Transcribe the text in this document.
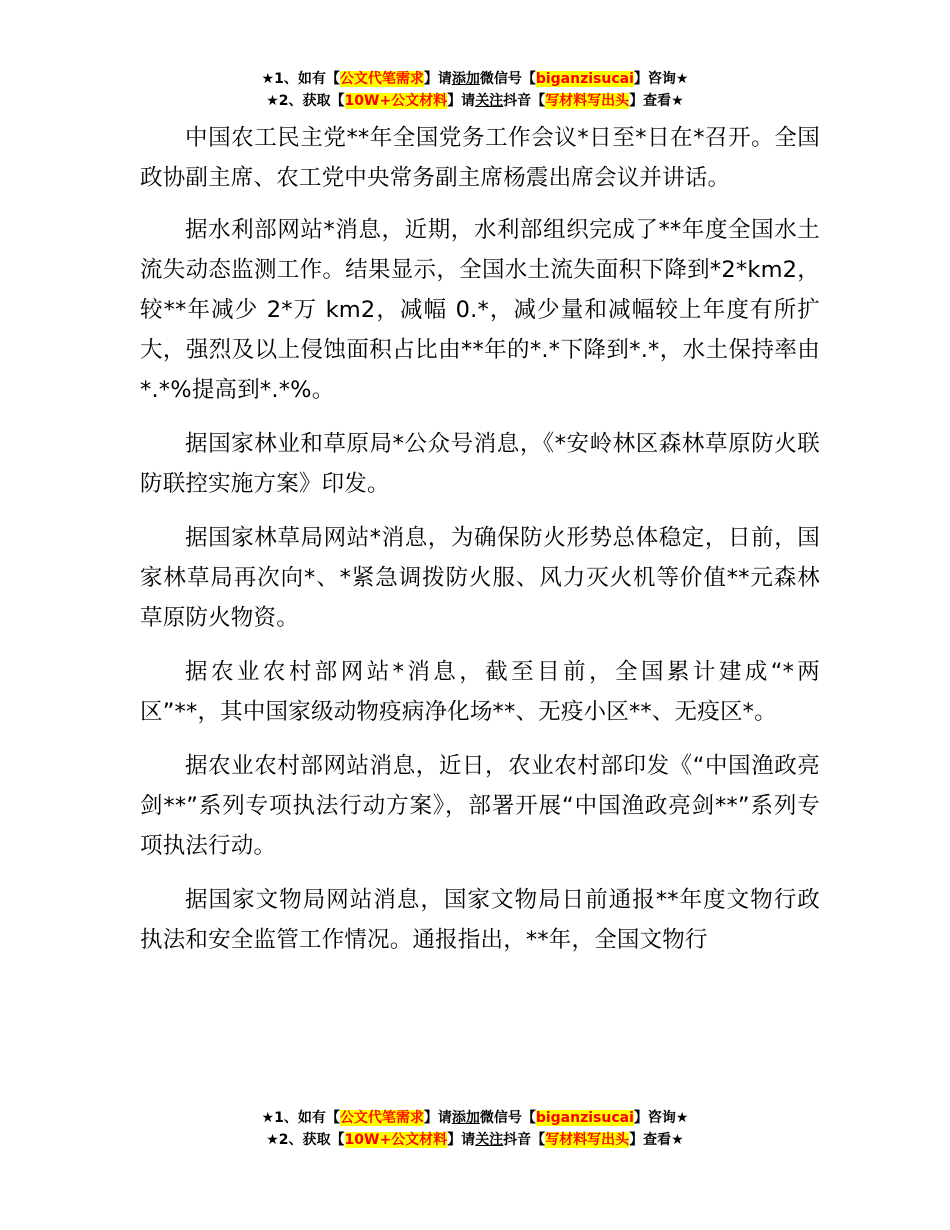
★1、如有【公文代笔需求】请添加微信号【biganzisucai】咨询★
★2、获取【10W+公文材料】请关注抖音【写材料写出头】查看★

中国农工民主党**年全国党务工作会议*日至*日在*召开。全国政协副主席、农工党中央常务副主席杨震出席会议并讲话。

据水利部网站*消息，近期，水利部组织完成了**年度全国水土流失动态监测工作。结果显示，全国水土流失面积下降到*2*km2，较**年减少 2*万 km2，减幅 0.*，减少量和减幅较上年度有所扩大，强烈及以上侵蚀面积占比由**年的*.*下降到*.*，水土保持率由*.*%提高到*.*%。

据国家林业和草原局*公众号消息，《*安岭林区森林草原防火联防联控实施方案》印发。

据国家林草局网站*消息，为确保防火形势总体稳定，日前，国家林草局再次向*、*紧急调拨防火服、风力灭火机等价值**元森林草原防火物资。

据农业农村部网站*消息，截至目前，全国累计建成“*两区”**，其中国家级动物疫病净化场**、无疫小区**、无疫区*。

据农业农村部网站消息，近日，农业农村部印发《“中国渔政亮剑**”系列专项执法行动方案》，部署开展“中国渔政亮剑**”系列专项执法行动。

据国家文物局网站消息，国家文物局日前通报**年度文物行政执法和安全监管工作情况。通报指出，**年，全国文物行

★1、如有【公文代笔需求】请添加微信号【biganzisucai】咨询★
★2、获取【10W+公文材料】请关注抖音【写材料写出头】查看★
